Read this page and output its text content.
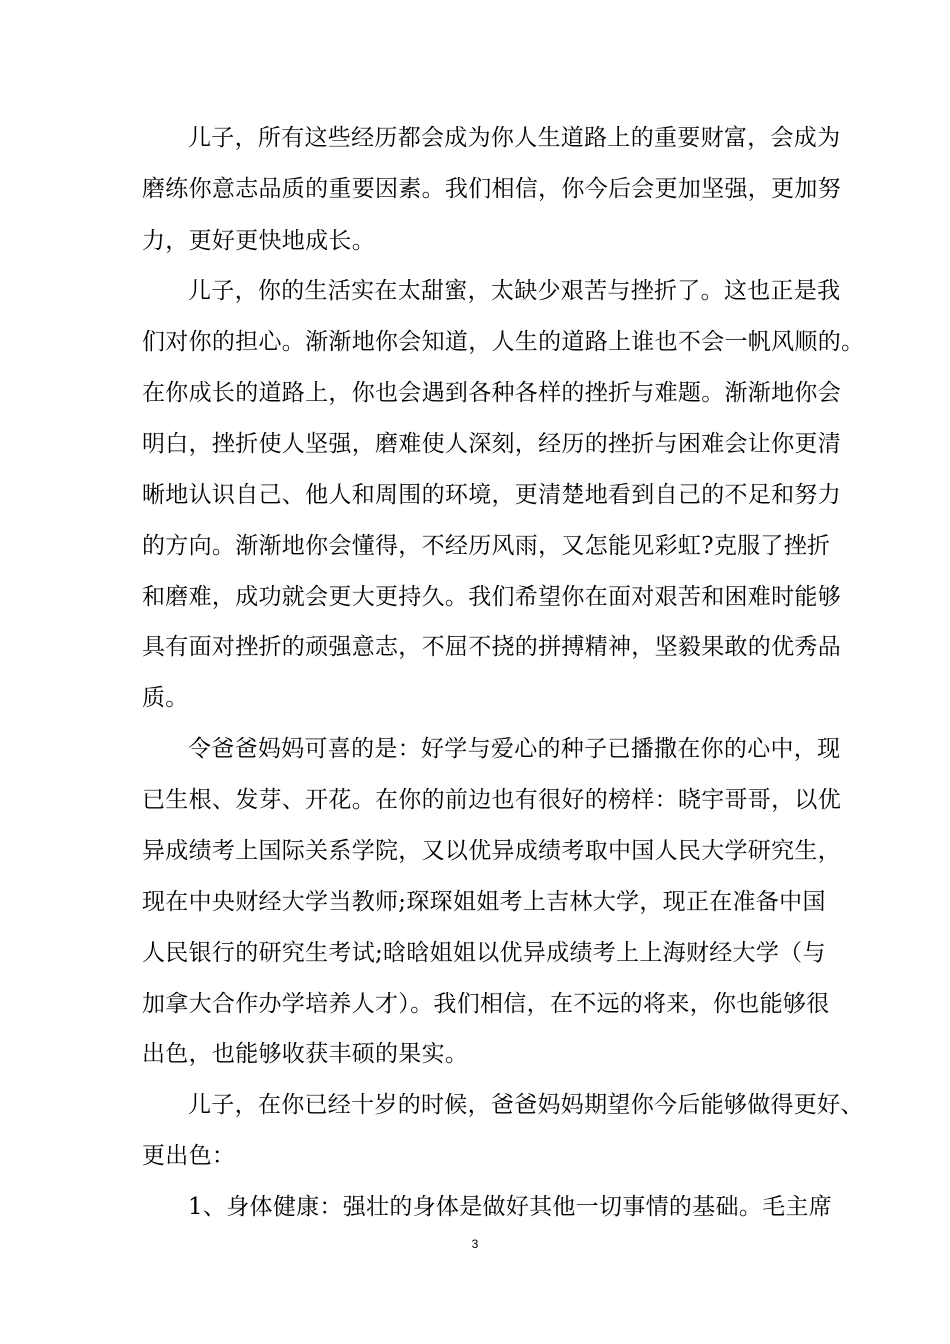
儿子，所有这些经历都会成为你人生道路上的重要财富，会成为
磨练你意志品质的重要因素。我们相信，你今后会更加坚强，更加努
力，更好更快地成长。
儿子，你的生活实在太甜蜜，太缺少艰苦与挫折了。这也正是我
们对你的担心。渐渐地你会知道，人生的道路上谁也不会一帆风顺的。
在你成长的道路上，你也会遇到各种各样的挫折与难题。渐渐地你会
明白，挫折使人坚强，磨难使人深刻，经历的挫折与困难会让你更清
晰地认识自己、他人和周围的环境，更清楚地看到自己的不足和努力
的方向。渐渐地你会懂得，不经历风雨，又怎能见彩虹?克服了挫折
和磨难，成功就会更大更持久。我们希望你在面对艰苦和困难时能够
具有面对挫折的顽强意志，不屈不挠的拼搏精神，坚毅果敢的优秀品
质。
令爸爸妈妈可喜的是：好学与爱心的种子已播撒在你的心中，现
已生根、发芽、开花。在你的前边也有很好的榜样：晓宇哥哥，以优
异成绩考上国际关系学院，又以优异成绩考取中国人民大学研究生，
现在中央财经大学当教师;琛琛姐姐考上吉林大学，现正在准备中国
人民银行的研究生考试;晗晗姐姐以优异成绩考上上海财经大学（与
加拿大合作办学培养人才）。我们相信，在不远的将来，你也能够很
出色，也能够收获丰硕的果实。
儿子，在你已经十岁的时候，爸爸妈妈期望你今后能够做得更好、
更出色：
1、身体健康：强壮的身体是做好其他一切事情的基础。毛主席
3
